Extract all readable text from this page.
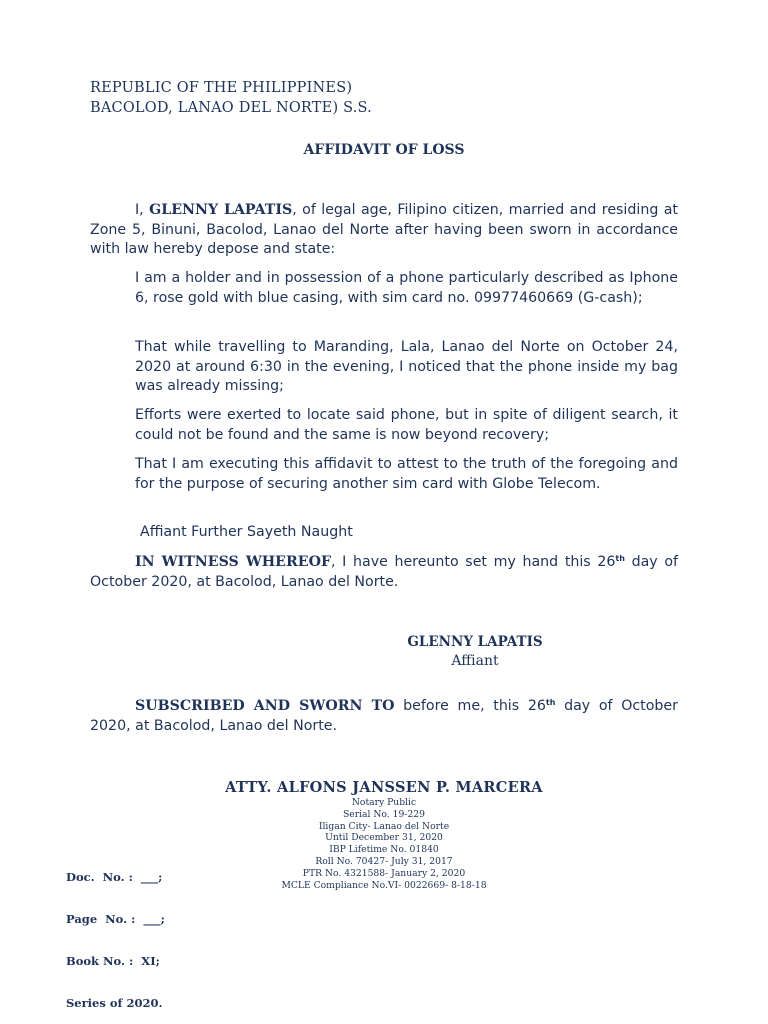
REPUBLIC OF THE PHILIPPINES)
BACOLOD, LANAO DEL NORTE) S.S.
AFFIDAVIT OF LOSS
I, GLENNY LAPATIS, of legal age, Filipino citizen, married and residing at Zone 5, Binuni, Bacolod, Lanao del Norte after having been sworn in accordance with law hereby depose and state:
I am a holder and in possession of a phone particularly described as Iphone 6, rose gold with blue casing, with sim card no. 09977460669 (G-cash);
That while travelling to Maranding, Lala, Lanao del Norte on October 24, 2020 at around 6:30 in the evening, I noticed that the phone inside my bag was already missing;
Efforts were exerted to locate said phone, but in spite of diligent search, it could not be found and the same is now beyond recovery;
That I am executing this affidavit to attest to the truth of the foregoing and for the purpose of securing another sim card with Globe Telecom.
Affiant Further Sayeth Naught
IN WITNESS WHEREOF, I have hereunto set my hand this 26th day of October 2020, at Bacolod, Lanao del Norte.
GLENNY LAPATIS
Affiant
SUBSCRIBED AND SWORN TO before me, this 26th day of October 2020, at Bacolod, Lanao del Norte.
ATTY. ALFONS JANSSEN P. MARCERA
Notary Public
Serial No. 19-229
Iligan City- Lanao del Norte
Until December 31, 2020
IBP Lifetime No. 01840
Roll No. 70427- July 31, 2017
PTR No. 4321588- January 2, 2020
MCLE Compliance No.VI- 0022669- 8-18-18

Doc.  No. :  ___;

Page  No. :  ___;

Book No. :  XI;

Series of 2020.
